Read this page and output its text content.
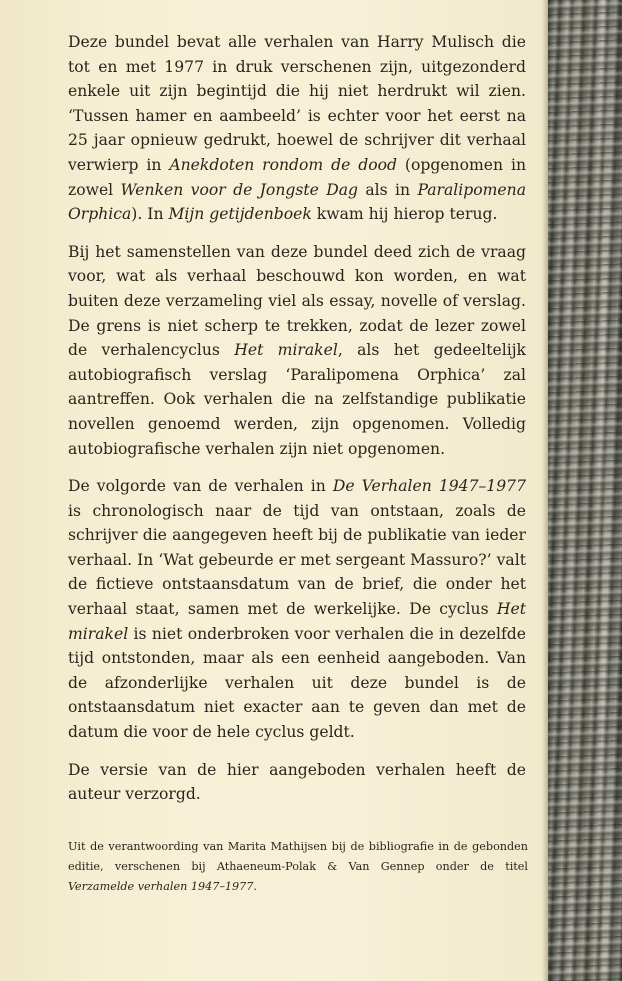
Deze bundel bevat alle verhalen van Harry Mulisch die tot en met 1977 in druk verschenen zijn, uitgezonderd enkele uit zijn begintijd die hij niet herdrukt wil zien. ‘Tussen hamer en aambeeld’ is echter voor het eerst na 25 jaar opnieuw gedrukt, hoewel de schrijver dit verhaal verwierp in Anekdoten rondom de dood (opgenomen in zowel Wenken voor de Jongste Dag als in Paralipomena Orphica). In Mijn getijdenboek kwam hij hierop terug.

Bij het samenstellen van deze bundel deed zich de vraag voor, wat als verhaal beschouwd kon worden, en wat buiten deze verzameling viel als essay, novelle of verslag. De grens is niet scherp te trekken, zodat de lezer zowel de verhalencyclus Het mirakel, als het gedeeltelijk autobiografisch verslag ‘Paralipomena Orphica’ zal aantreffen. Ook verhalen die na zelfstandige publikatie novellen genoemd werden, zijn opgenomen. Volledig autobiografische verhalen zijn niet opgenomen.

De volgorde van de verhalen in De Verhalen 1947–1977 is chronologisch naar de tijd van ontstaan, zoals de schrijver die aangegeven heeft bij de publikatie van ieder verhaal. In ‘Wat gebeurde er met sergeant Massuro?’ valt de fictieve ontstaansdatum van de brief, die onder het verhaal staat, samen met de werkelijke. De cyclus Het mirakel is niet onderbroken voor verhalen die in dezelfde tijd ontstonden, maar als een eenheid aangeboden. Van de afzonderlijke verhalen uit deze bundel is de ontstaansdatum niet exacter aan te geven dan met de datum die voor de hele cyclus geldt.

De versie van de hier aangeboden verhalen heeft de auteur verzorgd.

Uit de verantwoording van Marita Mathijsen bij de bibliografie in de gebonden editie, verschenen bij Athaeneum-Polak & Van Gennep onder de titel Verzamelde verhalen 1947–1977.
